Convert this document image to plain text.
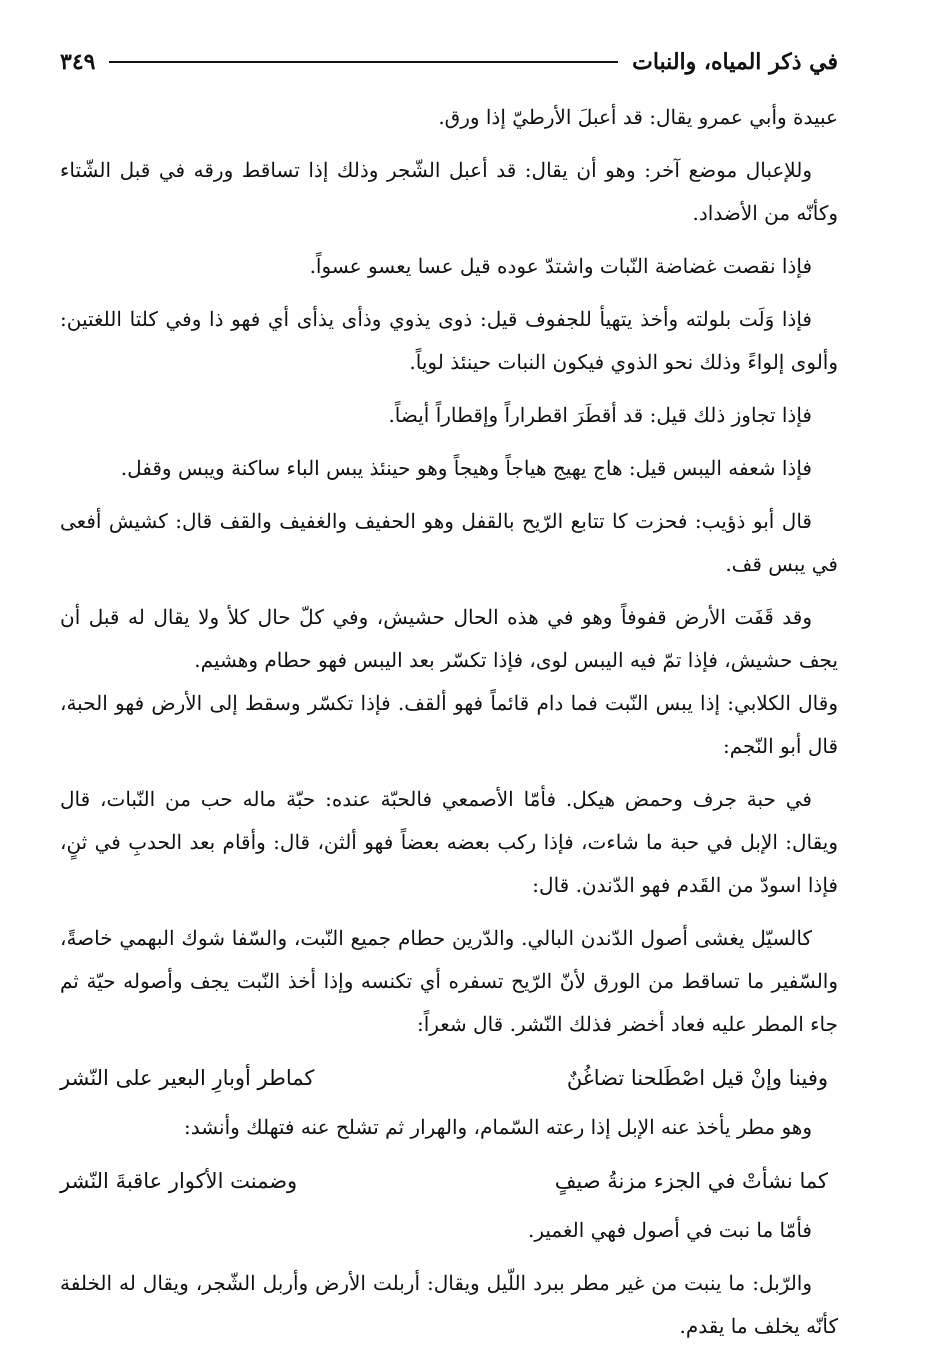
في ذكر المياه، والنبات
٣٤٩

عبيدة وأبي عمرو يقال: قد أعبلَ الأرطيّ إذا ورق.

وللإعبال موضع آخر: وهو أن يقال: قد أعبل الشّجر وذلك إذا تساقط ورقه في قبل الشّتاء وكأنّه من الأضداد.

فإذا نقصت غضاضة النّبات واشتدّ عوده قيل عسا يعسو عسواً.

فإذا وَلَت بلولته وأخذ يتهيأ للجفوف قيل: ذوى يذوي وذأى يذأى أي فهو ذا وفي كلتا اللغتين: وألوى إلواءً وذلك نحو الذوي فيكون النبات حينئذ لوياً.

فإذا تجاوز ذلك قيل: قد أقطَرَ اقطراراً وإقطاراً أيضاً.

فإذا شعفه اليبس قيل: هاج يهيج هياجاً وهيجاً وهو حينئذ يبس الباء ساكنة ويبس وقفل.

قال أبو ذؤيب: فحزت كا تتابع الرّيح بالقفل وهو الحفيف والغفيف والقف قال: كشيش أفعى في يبس قف.

وقد قَفَت الأرض قفوفاً وهو في هذه الحال حشيش، وفي كلّ حال كلأ ولا يقال له قبل أن يجف حشيش، فإذا تمّ فيه اليبس لوى، فإذا تكسّر بعد اليبس فهو حطام وهشيم.

وقال الكلابي: إذا يبس النّبت فما دام قائماً فهو ألقف. فإذا تكسّر وسقط إلى الأرض فهو الحبة، قال أبو النّجم:

في حبة جرف وحمض هيكل. فأمّا الأصمعي فالحبّة عنده: حبّة ماله حب من النّبات، قال ويقال: الإبل في حبة ما شاءت، فإذا ركب بعضه بعضاً فهو ألثن، قال: وأقام بعد الحدبِ في ثنٍ، فإذا اسودّ من القَدم فهو الدّندن. قال:

كالسيّل يغشى أصول الدّندن البالي. والدّرين حطام جميع النّبت، والسّفا شوك البهمي خاصةً، والسّفير ما تساقط من الورق لأنّ الرّيح تسفره أي تكنسه وإذا أخذ النّبت يجف وأصوله حيّة ثم جاء المطر عليه فعاد أخضر فذلك النّشر. قال شعراً:

وفينا وإنْ قيل اصْطَلحنا تضاغُنٌ
كماطر أوبارِ البعير على النّشر

وهو مطر يأخذ عنه الإبل إذا رعته السّمام، والهرار ثم تشلح عنه فتهلك وأنشد:

كما نشأتْ في الجزء مزنةُ صيفٍ
وضمنت الأكوار عاقبةَ النّشر

فأمّا ما نبت في أصول فهي الغمير.

والرّبل: ما ينبت من غير مطر ببرد اللّيل ويقال: أربلت الأرض وأربل الشّجر، ويقال له الخلفة كأنّه يخلف ما يقدم.
